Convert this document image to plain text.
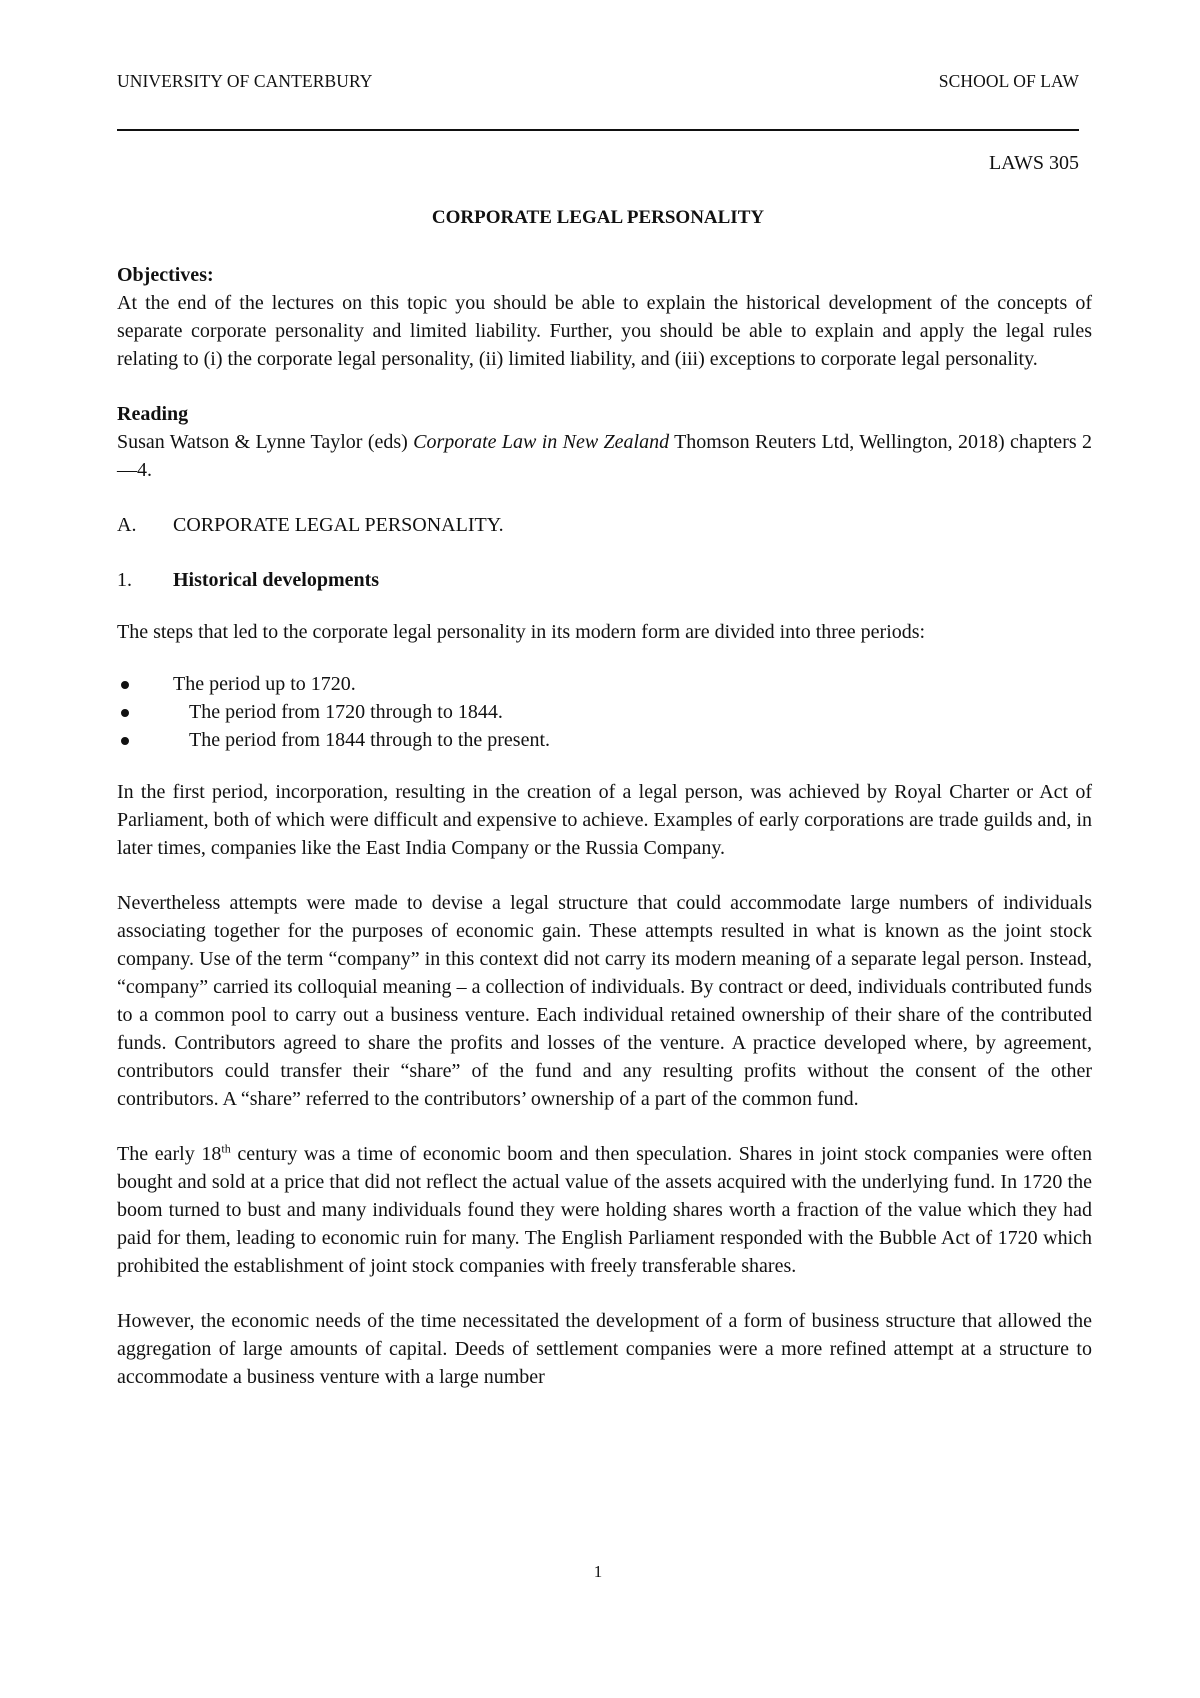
UNIVERSITY OF CANTERBURY	SCHOOL OF LAW
LAWS 305
CORPORATE LEGAL PERSONALITY

Objectives:

At the end of the lectures on this topic you should be able to explain the historical development of the concepts of separate corporate personality and limited liability. Further, you should be able to explain and apply the legal rules relating to (i) the corporate legal personality, (ii) limited liability, and (iii) exceptions to corporate legal personality.

Reading

Susan Watson & Lynne Taylor (eds) Corporate Law in New Zealand Thomson Reuters Ltd, Wellington, 2018) chapters 2—4.

A.	CORPORATE LEGAL PERSONALITY.
1.	Historical developments

The steps that led to the corporate legal personality in its modern form are divided into three periods:

The period up to 1720.
The period from 1720 through to 1844.
The period from 1844 through to the present.

In the first period, incorporation, resulting in the creation of a legal person, was achieved by Royal Charter or Act of Parliament, both of which were difficult and expensive to achieve. Examples of early corporations are trade guilds and, in later times, companies like the East India Company or the Russia Company.

Nevertheless attempts were made to devise a legal structure that could accommodate large numbers of individuals associating together for the purposes of economic gain. These attempts resulted in what is known as the joint stock company. Use of the term “company” in this context did not carry its modern meaning of a separate legal person. Instead, “company” carried its colloquial meaning – a collection of individuals. By contract or deed, individuals contributed funds to a common pool to carry out a business venture. Each individual retained ownership of their share of the contributed funds. Contributors agreed to share the profits and losses of the venture. A practice developed where, by agreement, contributors could transfer their “share” of the fund and any resulting profits without the consent of the other contributors. A “share” referred to the contributors’ ownership of a part of the common fund.

The early 18th century was a time of economic boom and then speculation. Shares in joint stock companies were often bought and sold at a price that did not reflect the actual value of the assets acquired with the underlying fund. In 1720 the boom turned to bust and many individuals found they were holding shares worth a fraction of the value which they had paid for them, leading to economic ruin for many. The English Parliament responded with the Bubble Act of 1720 which prohibited the establishment of joint stock companies with freely transferable shares.

However, the economic needs of the time necessitated the development of a form of business structure that allowed the aggregation of large amounts of capital. Deeds of settlement companies were a more refined attempt at a structure to accommodate a business venture with a large number

1
